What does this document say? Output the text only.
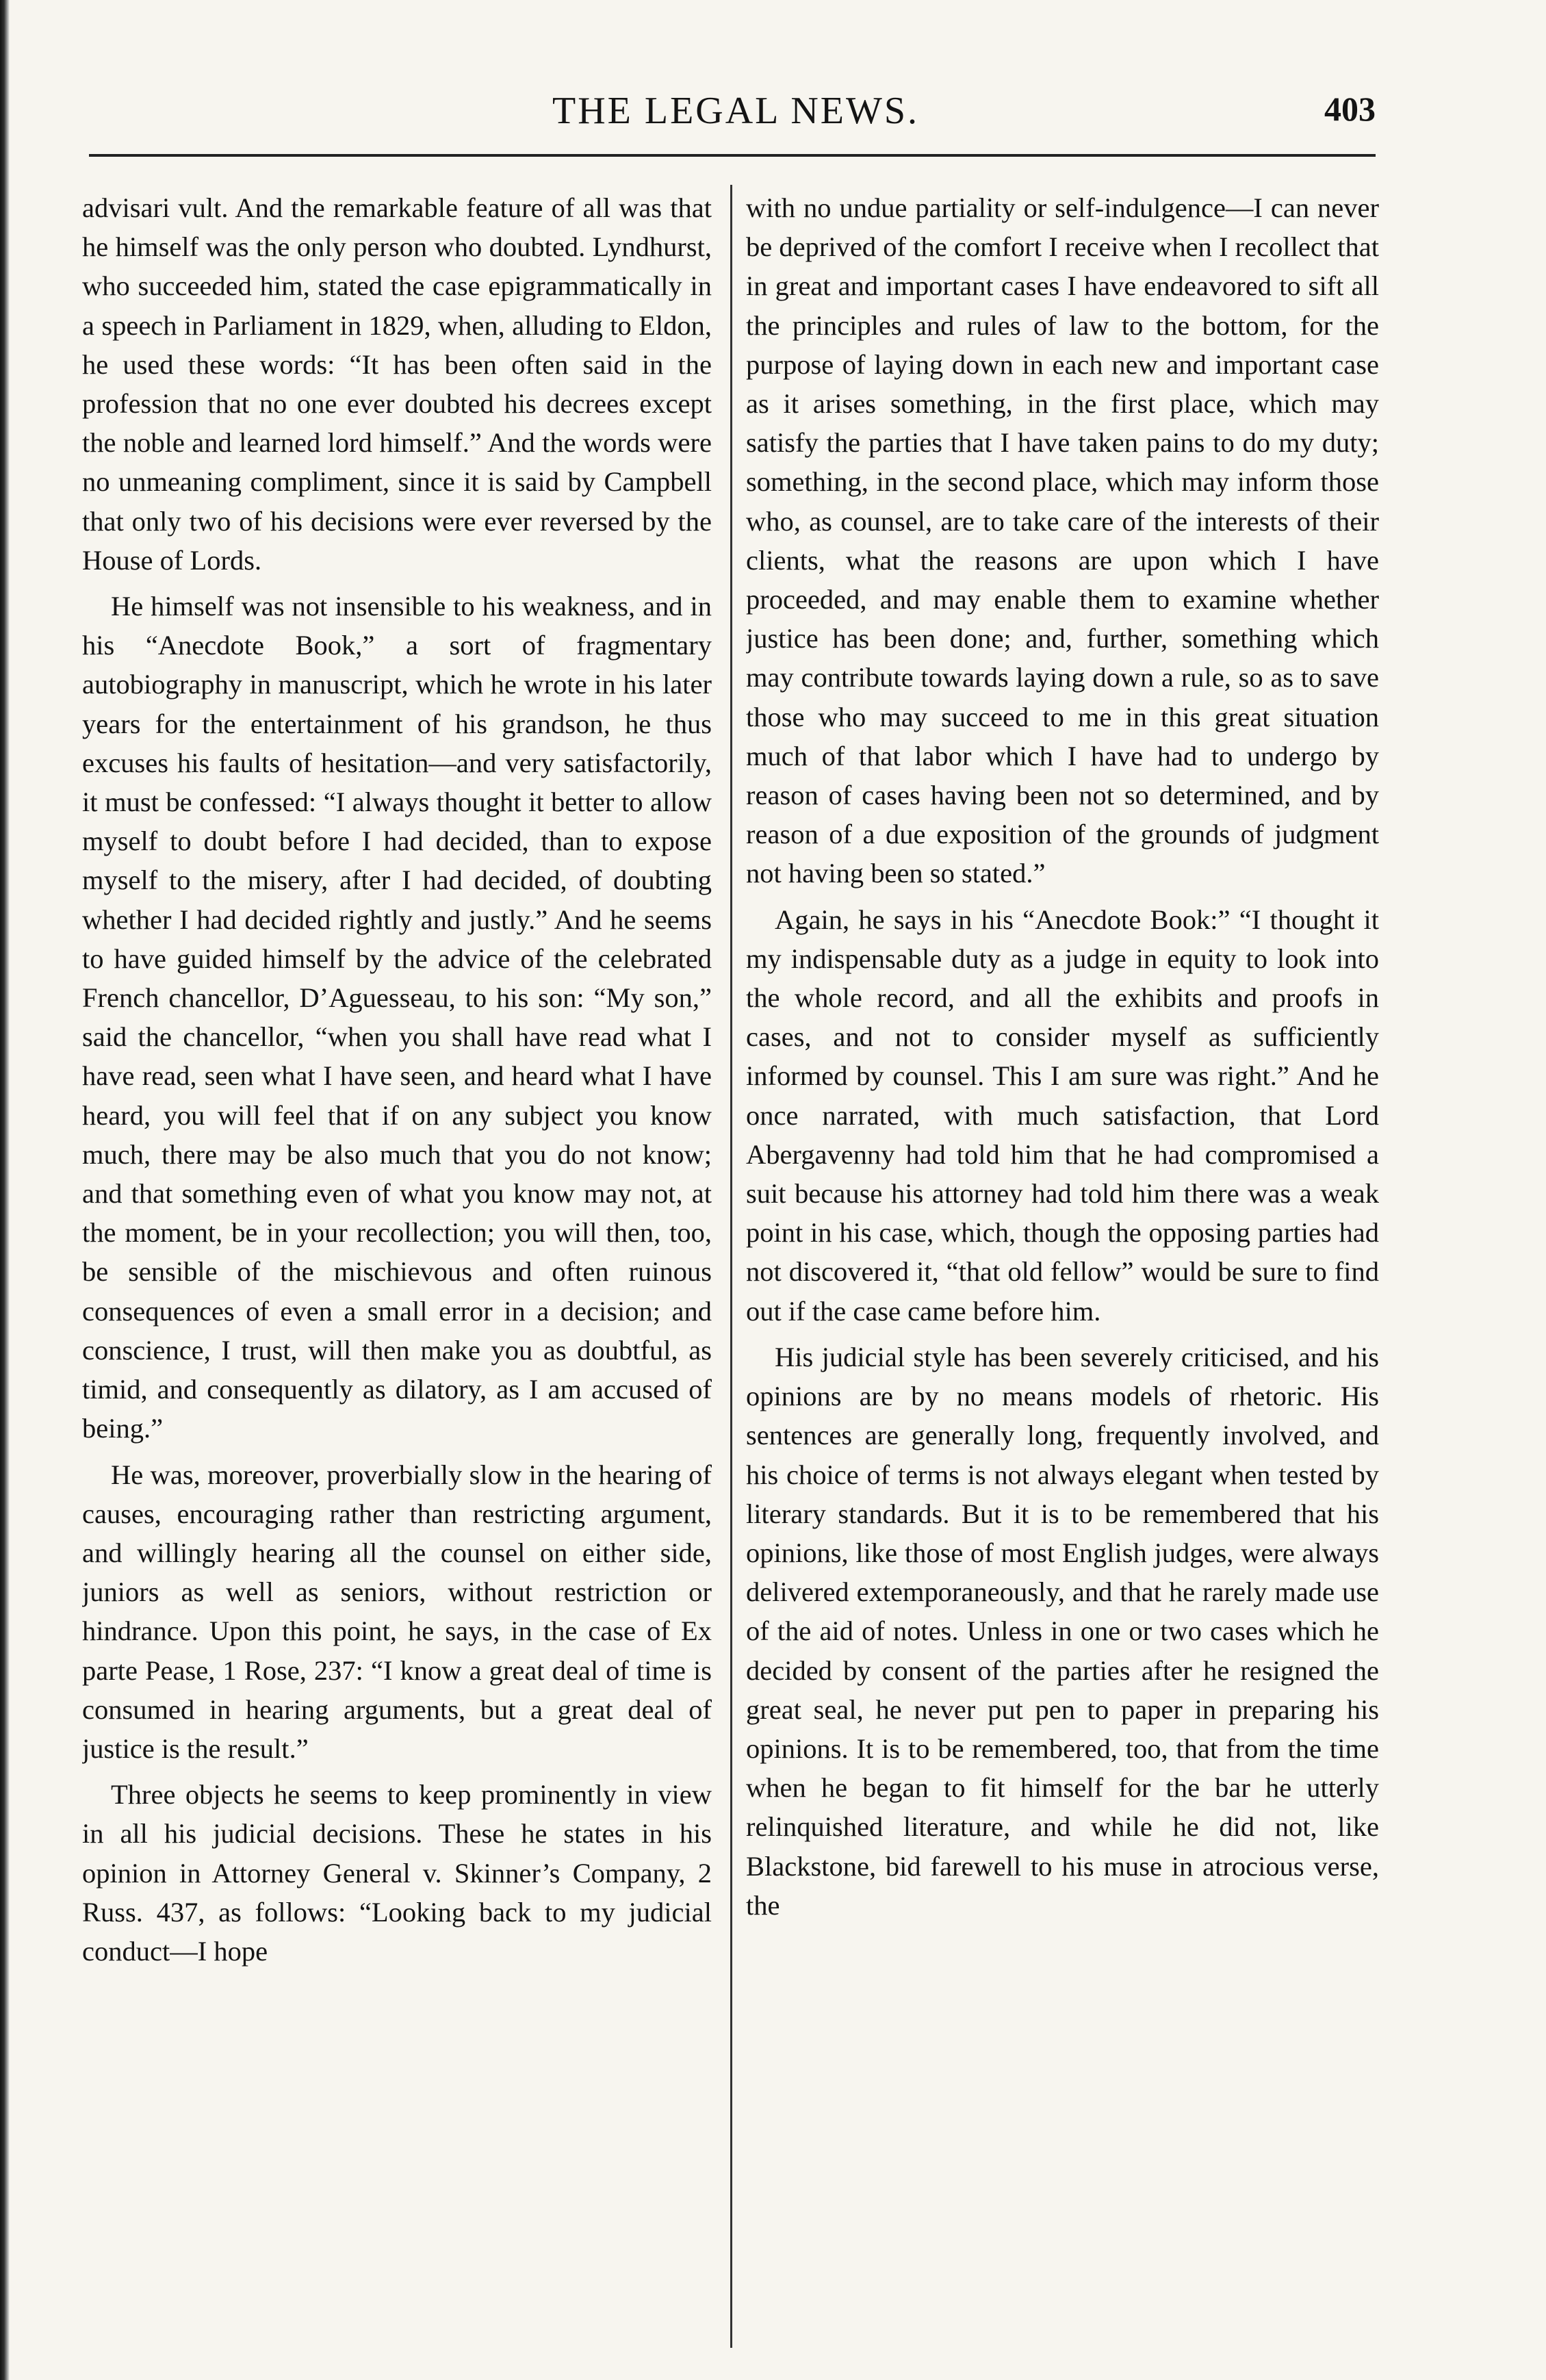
THE LEGAL NEWS.	403

advisari vult. And the remarkable feature of all was that he himself was the only person who doubted. Lyndhurst, who succeeded him, stated the case epigrammatically in a speech in Parliament in 1829, when, alluding to Eldon, he used these words: “It has been often said in the profession that no one ever doubted his decrees except the noble and learned lord himself.” And the words were no unmeaning compliment, since it is said by Campbell that only two of his decisions were ever reversed by the House of Lords.

He himself was not insensible to his weakness, and in his “Anecdote Book,” a sort of fragmentary autobiography in manuscript, which he wrote in his later years for the entertainment of his grandson, he thus excuses his faults of hesitation—and very satisfactorily, it must be confessed: “I always thought it better to allow myself to doubt before I had decided, than to expose myself to the misery, after I had decided, of doubting whether I had decided rightly and justly.” And he seems to have guided himself by the advice of the celebrated French chancellor, D’Aguesseau, to his son: “My son,” said the chancellor, “when you shall have read what I have read, seen what I have seen, and heard what I have heard, you will feel that if on any subject you know much, there may be also much that you do not know; and that something even of what you know may not, at the moment, be in your recollection; you will then, too, be sensible of the mischievous and often ruinous consequences of even a small error in a decision; and conscience, I trust, will then make you as doubtful, as timid, and consequently as dilatory, as I am accused of being.”

He was, moreover, proverbially slow in the hearing of causes, encouraging rather than restricting argument, and willingly hearing all the counsel on either side, juniors as well as seniors, without restriction or hindrance. Upon this point, he says, in the case of Ex parte Pease, 1 Rose, 237: “I know a great deal of time is consumed in hearing arguments, but a great deal of justice is the result.”

Three objects he seems to keep prominently in view in all his judicial decisions. These he states in his opinion in Attorney General v. Skinner’s Company, 2 Russ. 437, as follows: “Looking back to my judicial conduct—I hope

with no undue partiality or self-indulgence—I can never be deprived of the comfort I receive when I recollect that in great and important cases I have endeavored to sift all the principles and rules of law to the bottom, for the purpose of laying down in each new and important case as it arises something, in the first place, which may satisfy the parties that I have taken pains to do my duty; something, in the second place, which may inform those who, as counsel, are to take care of the interests of their clients, what the reasons are upon which I have proceeded, and may enable them to examine whether justice has been done; and, further, something which may contribute towards laying down a rule, so as to save those who may succeed to me in this great situation much of that labor which I have had to undergo by reason of cases having been not so determined, and by reason of a due exposition of the grounds of judgment not having been so stated.”

Again, he says in his “Anecdote Book:” “I thought it my indispensable duty as a judge in equity to look into the whole record, and all the exhibits and proofs in cases, and not to consider myself as sufficiently informed by counsel. This I am sure was right.” And he once narrated, with much satisfaction, that Lord Abergavenny had told him that he had compromised a suit because his attorney had told him there was a weak point in his case, which, though the opposing parties had not discovered it, “that old fellow” would be sure to find out if the case came before him.

His judicial style has been severely criticised, and his opinions are by no means models of rhetoric. His sentences are generally long, frequently involved, and his choice of terms is not always elegant when tested by literary standards. But it is to be remembered that his opinions, like those of most English judges, were always delivered extemporaneously, and that he rarely made use of the aid of notes. Unless in one or two cases which he decided by consent of the parties after he resigned the great seal, he never put pen to paper in preparing his opinions. It is to be remembered, too, that from the time when he began to fit himself for the bar he utterly relinquished literature, and while he did not, like Blackstone, bid farewell to his muse in atrocious verse, the
